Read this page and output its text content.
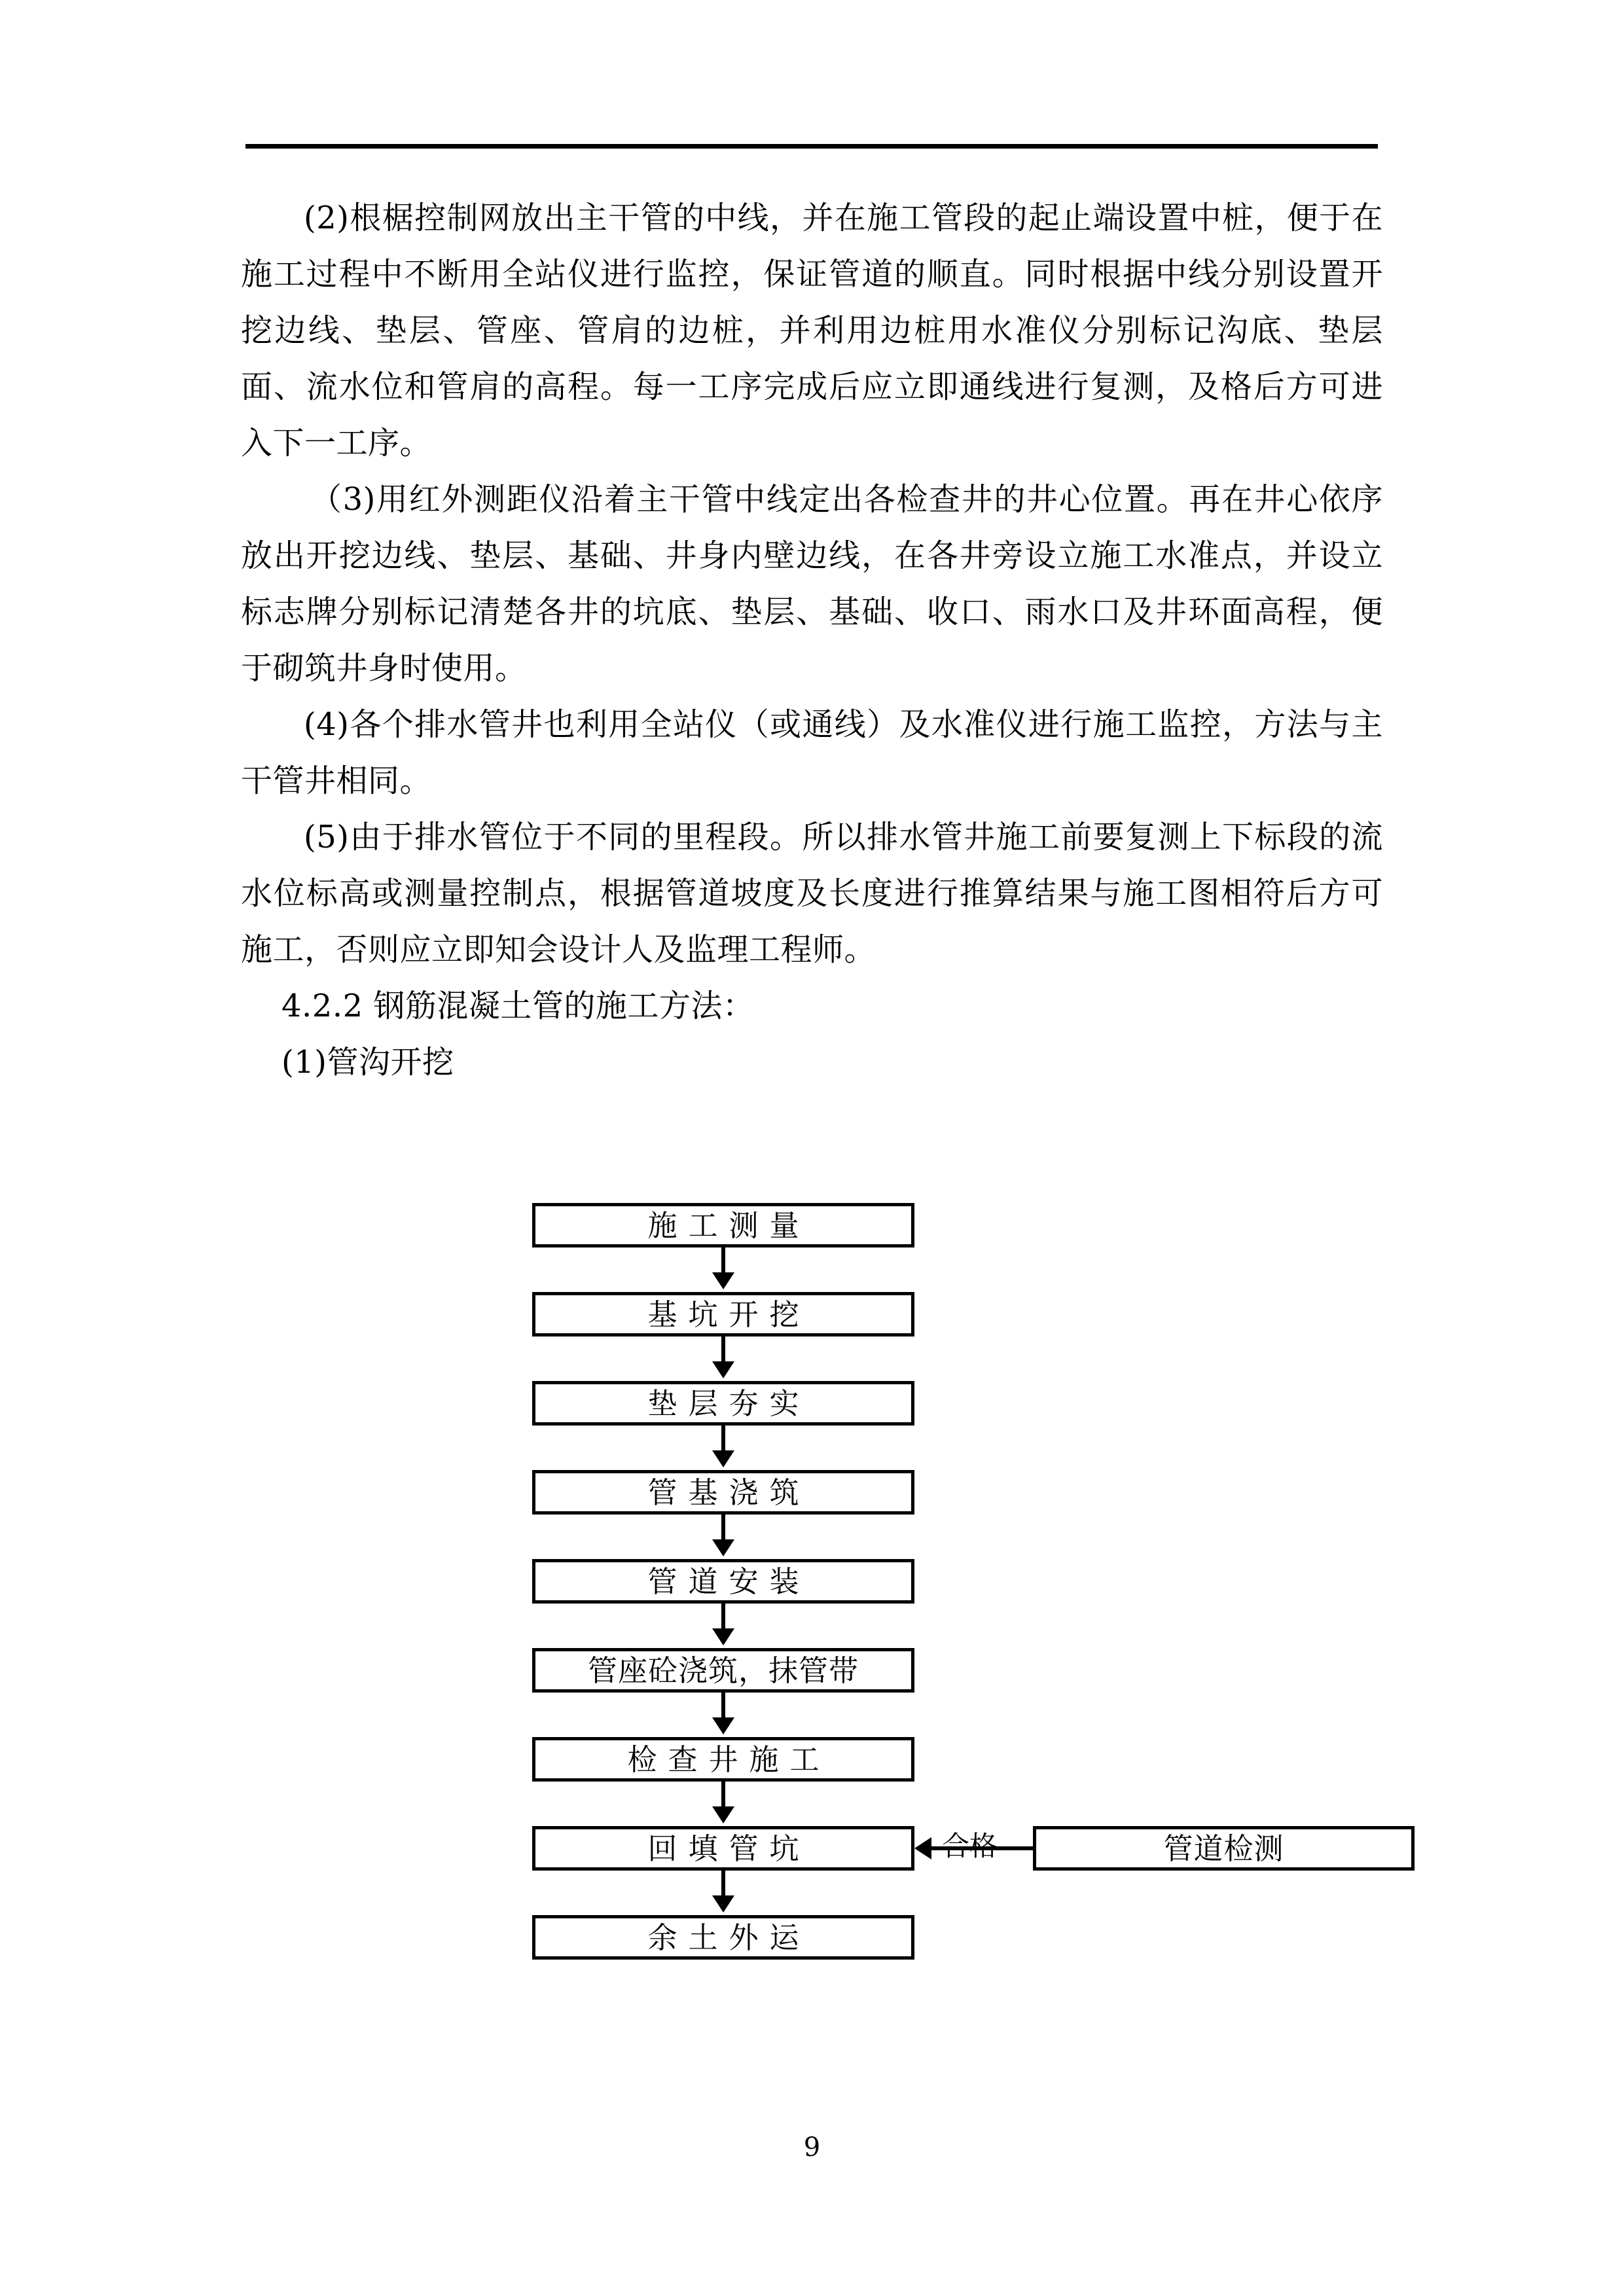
(2)根椐控制网放出主干管的中线，并在施工管段的起止端设置中桩，便于在施工过程中不断用全站仪进行监控，保证管道的顺直。同时根据中线分别设置开挖边线、垫层、管座、管肩的边桩，并利用边桩用水准仪分别标记沟底、垫层面、流水位和管肩的高程。每一工序完成后应立即通线进行复测，及格后方可进入下一工序。

（3)用红外测距仪沿着主干管中线定出各检查井的井心位置。再在井心依序放出开挖边线、垫层、基础、井身内壁边线，在各井旁设立施工水准点，并设立标志牌分别标记清楚各井的坑底、垫层、基础、收口、雨水口及井环面高程，便于砌筑井身时使用。

(4)各个排水管井也利用全站仪（或通线）及水准仪进行施工监控，方法与主干管井相同。

(5)由于排水管位于不同的里程段。所以排水管井施工前要复测上下标段的流水位标高或测量控制点，根据管道坡度及长度进行推算结果与施工图相符后方可施工，否则应立即知会设计人及监理工程师。

4.2.2 钢筋混凝土管的施工方法：

(1)管沟开挖

施工测量
基坑开挖
垫层夯实
管基浇筑
管道安装
管座砼浇筑，抹管带
检查井施工
回填管坑
余土外运
管道检测
合格
9
